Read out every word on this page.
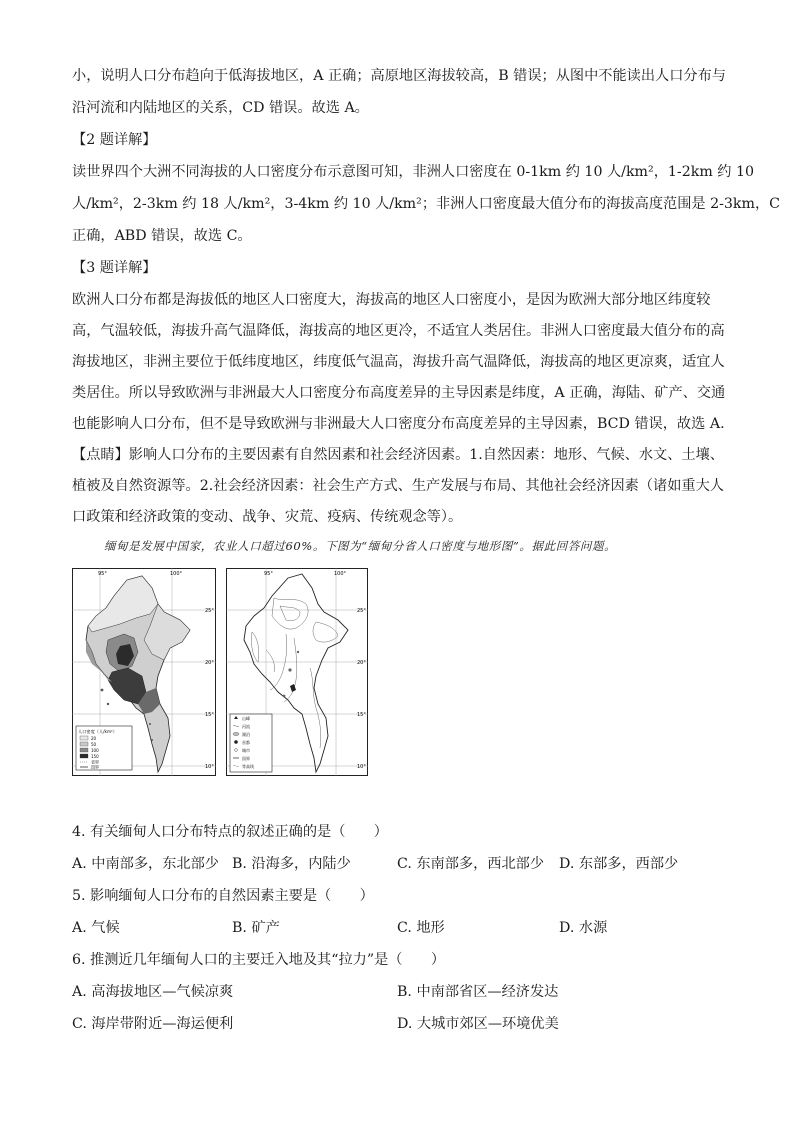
小，说明人口分布趋向于低海拔地区，A 正确；高原地区海拔较高，B 错误；从图中不能读出人口分布与
沿河流和内陆地区的关系，CD 错误。故选 A。
【2 题详解】
读世界四个大洲不同海拔的人口密度分布示意图可知，非洲人口密度在 0-1km 约 10 人/km²，1-2km 约 10
人/km²，2-3km 约 18 人/km²，3-4km 约 10 人/km²；非洲人口密度最大值分布的海拔高度范围是 2-3km，C
正确，ABD 错误，故选 C。
【3 题详解】
欧洲人口分布都是海拔低的地区人口密度大，海拔高的地区人口密度小，是因为欧洲大部分地区纬度较
高，气温较低，海拔升高气温降低，海拔高的地区更冷，不适宜人类居住。非洲人口密度最大值分布的高
海拔地区，非洲主要位于低纬度地区，纬度低气温高，海拔升高气温降低，海拔高的地区更凉爽，适宜人
类居住。所以导致欧洲与非洲最大人口密度分布高度差异的主导因素是纬度，A 正确，海陆、矿产、交通
也能影响人口分布，但不是导致欧洲与非洲最大人口密度分布高度差异的主导因素，BCD 错误，故选 A.
【点睛】影响人口分布的主要因素有自然因素和社会经济因素。1.自然因素：地形、气候、水文、土壤、
植被及自然资源等。2.社会经济因素：社会生产方式、生产发展与布局、其他社会经济因素（诸如重大人
口政策和经济政策的变动、战争、灾荒、疫病、传统观念等）。
缅甸是发展中国家，农业人口超过60%。下图为“缅甸分省人口密度与地形图”。据此回答问题。
95°	100°
25°
20°
15°
10°
人口密度（人/km²）
20
50
100
150
省界
国界
95°	100°
25°
20°
15°
10°
山峰
河流
湖泊
首都
城市
国界
等高线
4. 有关缅甸人口分布特点的叙述正确的是（　　）
A. 中南部多，东北部少 B. 沿海多，内陆少	C. 东南部多，西北部少 D. 东部多，西部少
5. 影响缅甸人口分布的自然因素主要是（　　）
A. 气候	B. 矿产	C. 地形	D. 水源
6. 推测近几年缅甸人口的主要迁入地及其“拉力”是（　　）
A. 高海拔地区—气候凉爽	B. 中南部省区—经济发达
C. 海岸带附近—海运便利	D. 大城市郊区—环境优美
